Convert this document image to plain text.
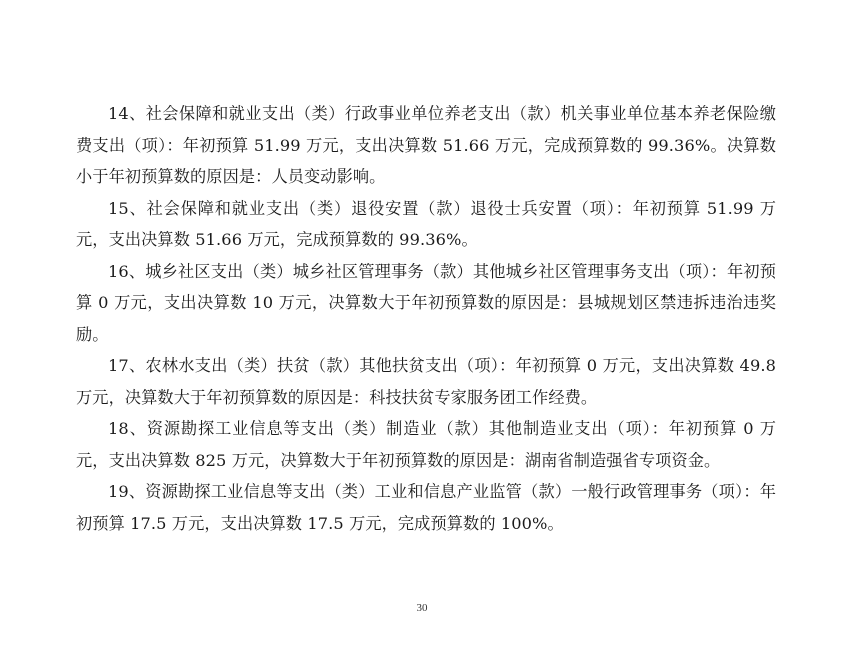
14、社会保障和就业支出（类）行政事业单位养老支出（款）机关事业单位基本养老保险缴费支出（项）：年初预算 51.99 万元，支出决算数 51.66 万元，完成预算数的 99.36%。决算数小于年初预算数的原因是：人员变动影响。

15、社会保障和就业支出（类）退役安置（款）退役士兵安置（项）：年初预算 51.99 万元，支出决算数 51.66 万元，完成预算数的 99.36%。

16、城乡社区支出（类）城乡社区管理事务（款）其他城乡社区管理事务支出（项）：年初预算 0 万元，支出决算数 10 万元，决算数大于年初预算数的原因是：县城规划区禁违拆违治违奖励。

17、农林水支出（类）扶贫（款）其他扶贫支出（项）：年初预算 0 万元，支出决算数 49.8 万元，决算数大于年初预算数的原因是：科技扶贫专家服务团工作经费。

18、资源勘探工业信息等支出（类）制造业（款）其他制造业支出（项）：年初预算 0 万元，支出决算数 825 万元，决算数大于年初预算数的原因是：湖南省制造强省专项资金。

19、资源勘探工业信息等支出（类）工业和信息产业监管（款）一般行政管理事务（项）：年初预算 17.5 万元，支出决算数 17.5 万元，完成预算数的 100%。

30
